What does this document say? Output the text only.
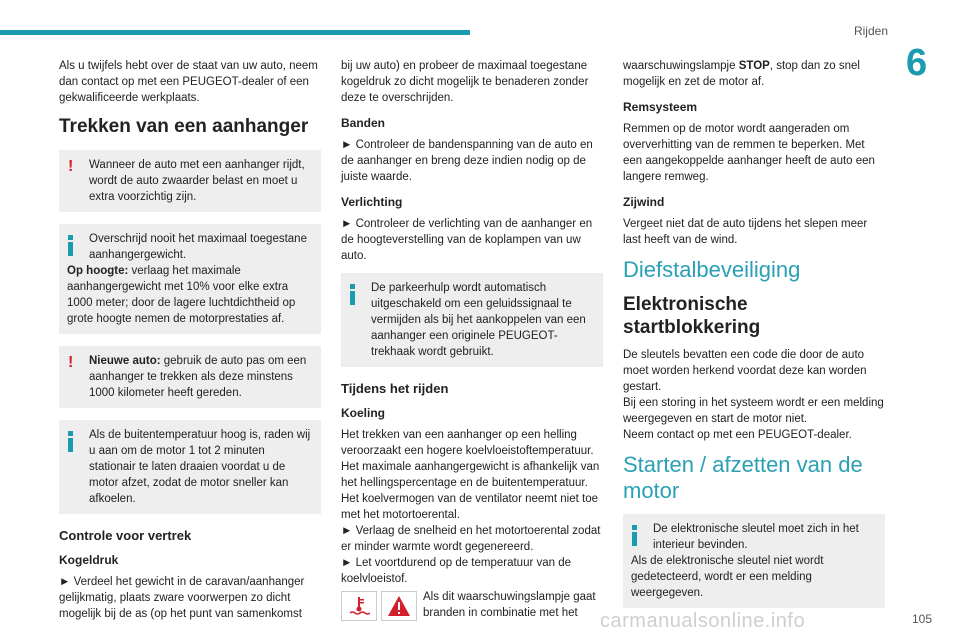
Rijden
6

Als u twijfels hebt over de staat van uw auto, neem dan contact op met een PEUGEOT-dealer of een gekwalificeerde werkplaats.

Trekken van een aanhanger
!	Wanneer de auto met een aanhanger rijdt, wordt de auto zwaarder belast en moet u extra voorzichtig zijn.
Overschrijd nooit het maximaal toegestane aanhangergewicht.
Op hoogte: verlaag het maximale aanhangergewicht met 10% voor elke extra 1000 meter; door de lagere luchtdichtheid op grote hoogte nemen de motorprestaties af.
!	Nieuwe auto: gebruik de auto pas om een aanhanger te trekken als deze minstens 1000 kilometer heeft gereden.
Als de buitentemperatuur hoog is, raden wij u aan om de motor 1 tot 2 minuten stationair te laten draaien voordat u de motor afzet, zodat de motor sneller kan afkoelen.
Controle voor vertrek
Kogeldruk

► Verdeel het gewicht in de caravan/aanhanger gelijkmatig, plaats zware voorwerpen zo dicht mogelijk bij de as (op het punt van samenkomst

bij uw auto) en probeer de maximaal toegestane kogeldruk zo dicht mogelijk te benaderen zonder deze te overschrijden.

Banden

► Controleer de bandenspanning van de auto en de aanhanger en breng deze indien nodig op de juiste waarde.

Verlichting

► Controleer de verlichting van de aanhanger en de hoogteverstelling van de koplampen van uw auto.

De parkeerhulp wordt automatisch uitgeschakeld om een geluidssignaal te vermijden als bij het aankoppelen van een aanhanger een originele PEUGEOT-trekhaak wordt gebruikt.
Tijdens het rijden
Koeling

Het trekken van een aanhanger op een helling veroorzaakt een hogere koelvloeistoftemperatuur. Het maximale aanhangergewicht is afhankelijk van het hellingspercentage en de buitentemperatuur. Het koelvermogen van de ventilator neemt niet toe met het motortoerental.

► Verlaag de snelheid en het motortoerental zodat er minder warmte wordt gegenereerd.

► Let voortdurend op de temperatuur van de koelvloeistof.

Als dit waarschuwingslampje gaat branden in combinatie met het

waarschuwingslampje STOP, stop dan zo snel mogelijk en zet de motor af.

Remsysteem

Remmen op de motor wordt aangeraden om oververhitting van de remmen te beperken. Met een aangekoppelde aanhanger heeft de auto een langere remweg.

Zijwind

Vergeet niet dat de auto tijdens het slepen meer last heeft van de wind.

Diefstalbeveiliging
Elektronische startblokkering

De sleutels bevatten een code die door de auto moet worden herkend voordat deze kan worden gestart.

Bij een storing in het systeem wordt er een melding weergegeven en start de motor niet.

Neem contact op met een PEUGEOT-dealer.

Starten / afzetten van de motor
De elektronische sleutel moet zich in het interieur bevinden.
Als de elektronische sleutel niet wordt gedetecteerd, wordt er een melding weergegeven.
carmanualsonline.info	105
